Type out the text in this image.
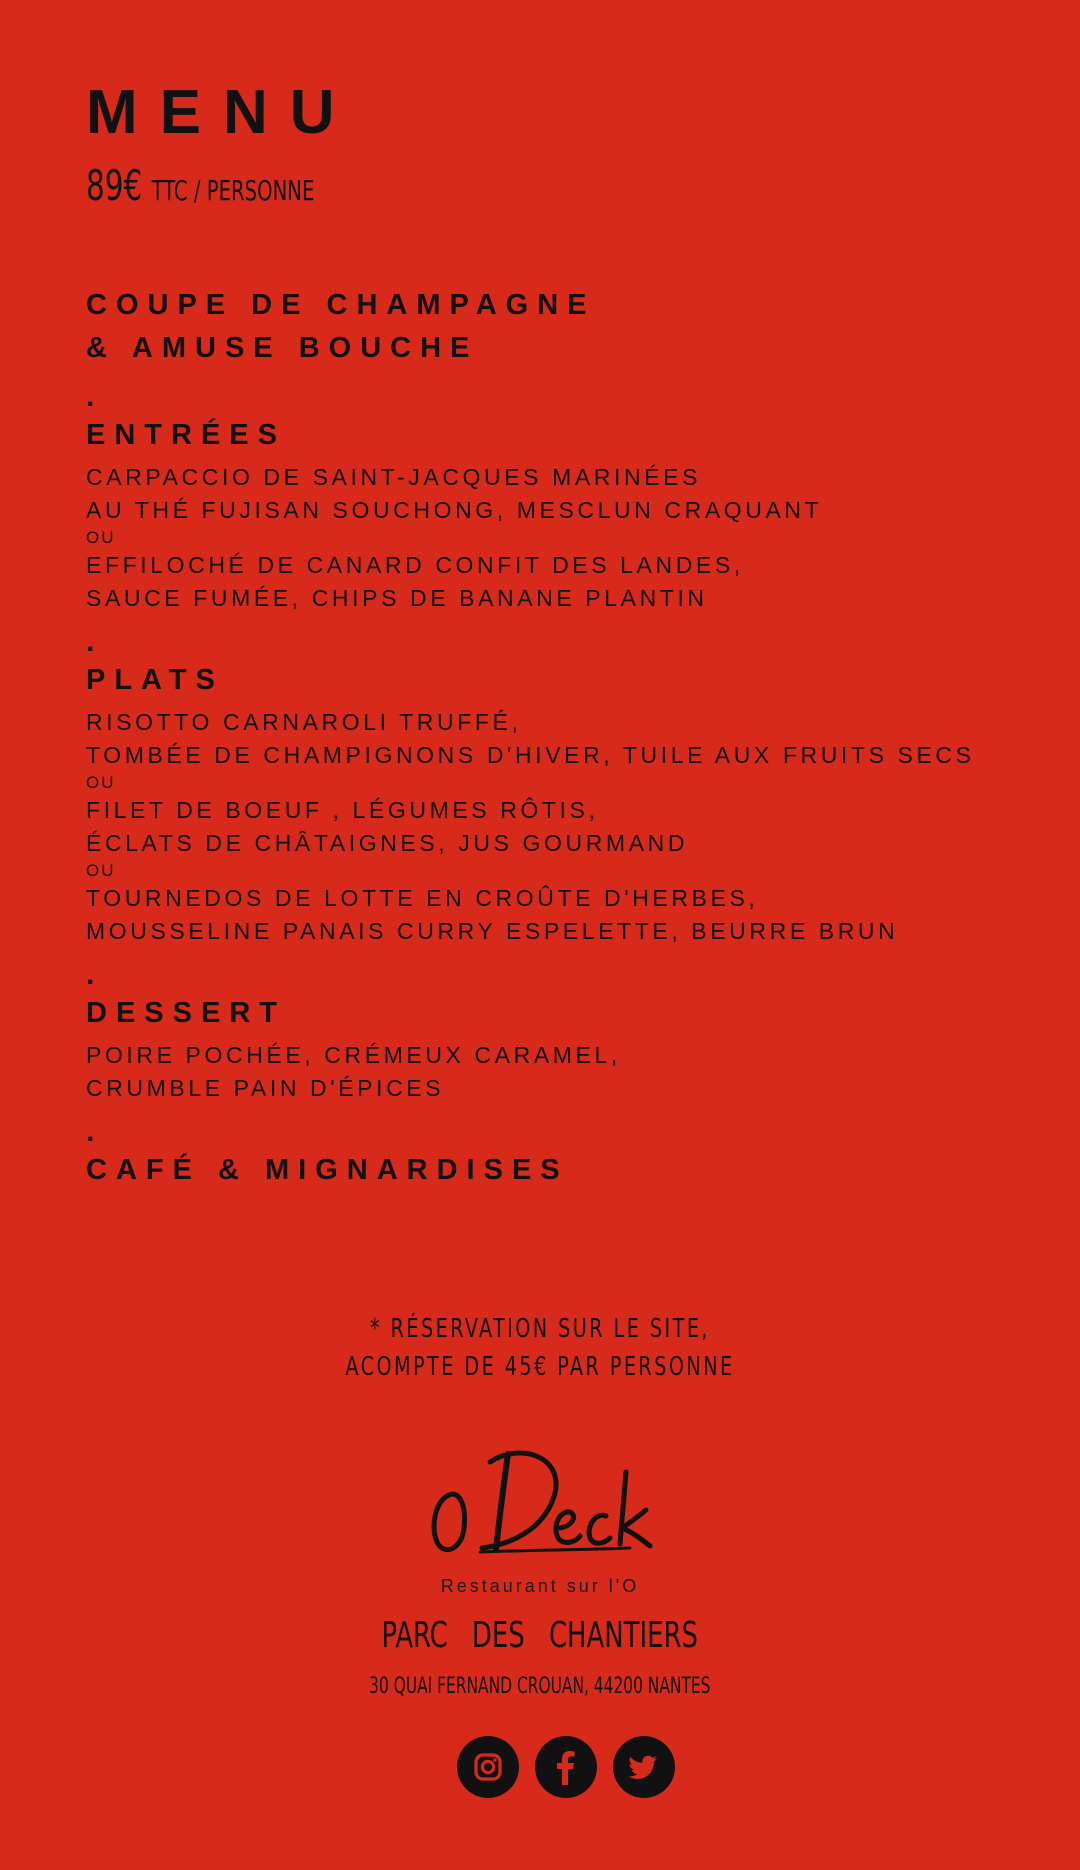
MENU
89€ TTC / PERSONNE
COUPE DE CHAMPAGNE
& AMUSE BOUCHE
.
ENTRÉES
CARPACCIO DE SAINT-JACQUES MARINÉES
AU THÉ FUJISAN SOUCHONG, MESCLUN CRAQUANT
OU
EFFILOCHÉ DE CANARD CONFIT DES LANDES,
SAUCE FUMÉE, CHIPS DE BANANE PLANTIN
.
PLATS
RISOTTO CARNAROLI TRUFFÉ,
TOMBÉE DE CHAMPIGNONS D'HIVER, TUILE AUX FRUITS SECS
OU
FILET DE BOEUF , LÉGUMES RÔTIS,
ÉCLATS DE CHÂTAIGNES, JUS GOURMAND
OU
TOURNEDOS DE LOTTE EN CROÛTE D'HERBES,
MOUSSELINE PANAIS CURRY ESPELETTE, BEURRE BRUN
.
DESSERT
POIRE POCHÉE, CRÉMEUX CARAMEL,
CRUMBLE PAIN D'ÉPICES
.
CAFÉ & MIGNARDISES
* RÉSERVATION SUR LE SITE,
ACOMPTE DE 45€ PAR PERSONNE
Restaurant sur l'O
PARC DES CHANTIERS
30 QUAI FERNAND CROUAN, 44200 NANTES
